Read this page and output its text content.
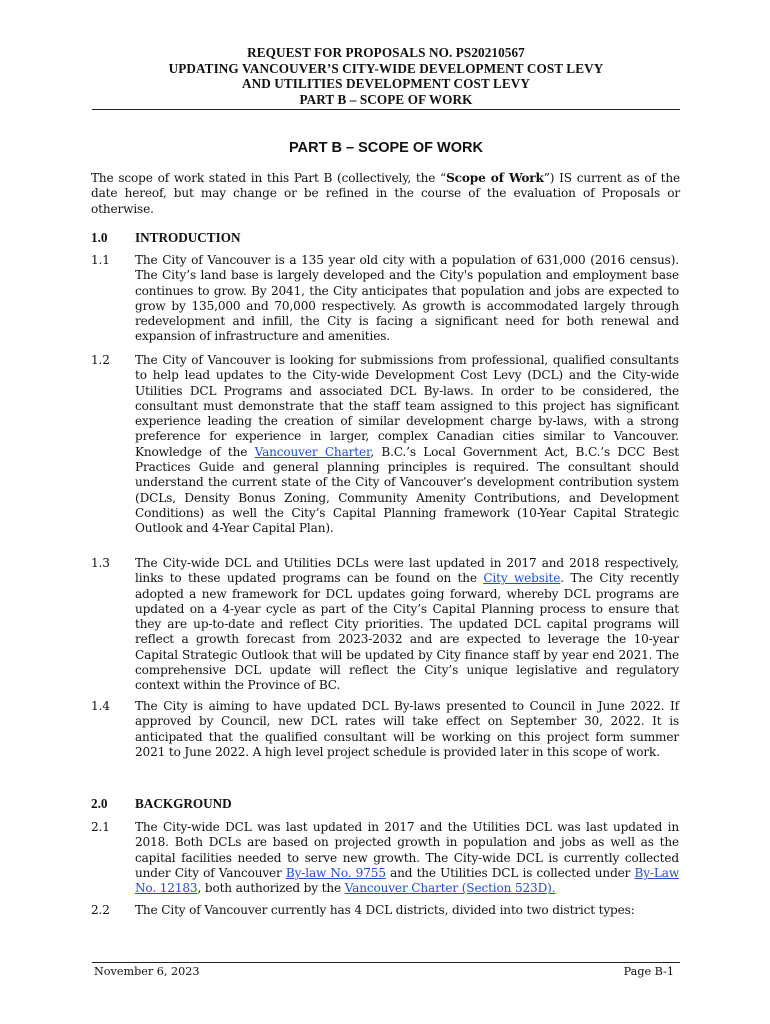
REQUEST FOR PROPOSALS NO. PS20210567
UPDATING VANCOUVER’S CITY-WIDE DEVELOPMENT COST LEVY
AND UTILITIES DEVELOPMENT COST LEVY
PART B – SCOPE OF WORK
PART B – SCOPE OF WORK
The scope of work stated in this Part B (collectively, the “Scope of Work”) IS current as of the date hereof, but may change or be refined in the course of the evaluation of Proposals or otherwise.
1.0 INTRODUCTION
1.1 The City of Vancouver is a 135 year old city with a population of 631,000 (2016 census). The City’s land base is largely developed and the City's population and employment base continues to grow. By 2041, the City anticipates that population and jobs are expected to grow by 135,000 and 70,000 respectively. As growth is accommodated largely through redevelopment and infill, the City is facing a significant need for both renewal and expansion of infrastructure and amenities.
1.2 The City of Vancouver is looking for submissions from professional, qualified consultants to help lead updates to the City-wide Development Cost Levy (DCL) and the City-wide Utilities DCL Programs and associated DCL By-laws. In order to be considered, the consultant must demonstrate that the staff team assigned to this project has significant experience leading the creation of similar development charge by-laws, with a strong preference for experience in larger, complex Canadian cities similar to Vancouver. Knowledge of the Vancouver Charter, B.C.’s Local Government Act, B.C.’s DCC Best Practices Guide and general planning principles is required. The consultant should understand the current state of the City of Vancouver’s development contribution system (DCLs, Density Bonus Zoning, Community Amenity Contributions, and Development Conditions) as well the City’s Capital Planning framework (10-Year Capital Strategic Outlook and 4-Year Capital Plan).
1.3 The City-wide DCL and Utilities DCLs were last updated in 2017 and 2018 respectively, links to these updated programs can be found on the City website. The City recently adopted a new framework for DCL updates going forward, whereby DCL programs are updated on a 4-year cycle as part of the City’s Capital Planning process to ensure that they are up-to-date and reflect City priorities. The updated DCL capital programs will reflect a growth forecast from 2023-2032 and are expected to leverage the 10-year Capital Strategic Outlook that will be updated by City finance staff by year end 2021. The comprehensive DCL update will reflect the City’s unique legislative and regulatory context within the Province of BC.
1.4 The City is aiming to have updated DCL By-laws presented to Council in June 2022. If approved by Council, new DCL rates will take effect on September 30, 2022. It is anticipated that the qualified consultant will be working on this project form summer 2021 to June 2022. A high level project schedule is provided later in this scope of work.
2.0 BACKGROUND
2.1 The City-wide DCL was last updated in 2017 and the Utilities DCL was last updated in 2018. Both DCLs are based on projected growth in population and jobs as well as the capital facilities needed to serve new growth. The City-wide DCL is currently collected under City of Vancouver By-law No. 9755 and the Utilities DCL is collected under By-Law No. 12183, both authorized by the Vancouver Charter (Section 523D).
2.2 The City of Vancouver currently has 4 DCL districts, divided into two district types:
November 6, 2023	Page B-1
